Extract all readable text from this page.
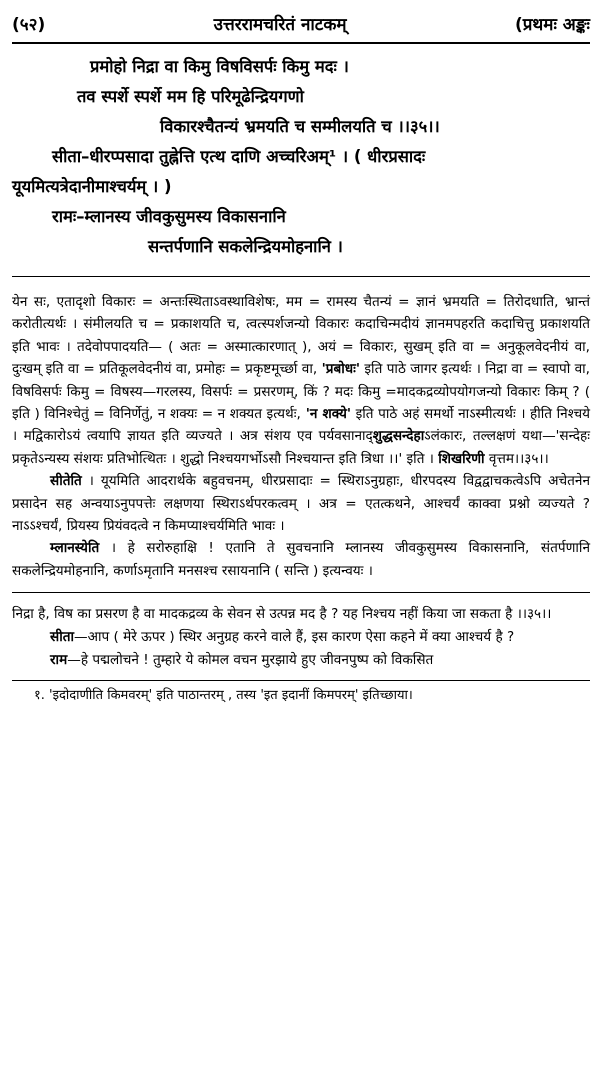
(५२)	उत्तररामचरितं नाटकम्	(प्रथमः अङ्कः
प्रमोहो निद्रा वा किमु विषविसर्पः किमु मदः ।
तव स्पर्शे स्पर्शे मम हि परिमूढेन्द्रियगणो
विकारश्चैतन्यं भ्रमयति च सम्मीलयति च ।।३५।।
सीता–धीरप्पसादा तुह्नेत्ति एत्थ दाणि अच्चरिअम्¹ । ( धीरप्रसादः
यूयमित्यत्रेदानीमाश्चर्यम् । )
रामः–म्लानस्य जीवकुसुमस्य विकासनानि
सन्तर्पणानि सकलेन्द्रियमोहनानि ।

येन सः, एतादृशो विकारः = अन्तःस्थिताऽवस्थाविशेषः, मम = रामस्य चैतन्यं = ज्ञानं भ्रमयति = तिरोदधाति, भ्रान्तं करोतीत्यर्थः । संमीलयति च = प्रकाशयति च, त्वत्स्पर्शजन्यो विकारः कदाचिन्मदीयं ज्ञानमपहरति कदाचित्तु प्रकाशयति इति भावः । तदेवोपपादयति— ( अतः = अस्मात्कारणात् ), अयं = विकारः, सुखम् इति वा = अनुकूलवेदनीयं वा, दुःखम् इति वा = प्रतिकूलवेदनीयं वा, प्रमोहः = प्रकृष्टमूर्च्छा वा, 'प्रबोधः' इति पाठे जागर इत्यर्थः । निद्रा वा = स्वापो वा, विषविसर्पः किमु = विषस्य—गरलस्य, विसर्पः = प्रसरणम्, किं ? मदः किमु =मादकद्रव्योपयोगजन्यो विकारः किम् ? ( इति ) विनिश्चेतुं = विनिर्णेतुं, न शक्यः = न शक्यत इत्यर्थः, 'न शक्ये' इति पाठे अहं समर्थो नाऽस्मीत्यर्थः । हीति निश्चये । मद्विकारोऽयं त्वयापि ज्ञायत इति व्यज्यते । अत्र संशय एव पर्यवसानाद्शुद्धसन्देहाऽलंकारः, तल्लक्षणं यथा—'सन्देहः प्रकृतेऽन्यस्य संशयः प्रतिभोत्थितः । शुद्धो निश्चयगर्भोऽसौ निश्चयान्त इति त्रिधा ।।' इति । शिखरिणी वृत्तम।।३५।।

सीतेति । यूयमिति आदरार्थके बहुवचनम्, धीरप्रसादाः = स्थिराऽनुग्रहाः, धीरपदस्य विद्वद्वाचकत्वेऽपि अचेतनेन प्रसादेन सह अन्वयाऽनुपपत्तेः लक्षणया स्थिराऽर्थपरकत्वम् । अत्र = एतत्कथने, आश्चर्यं काक्वा प्रश्नो व्यज्यते ? नाऽऽश्चर्यं, प्रियस्य प्रियंवदत्वे न किमप्याश्चर्यमिति भावः ।

म्लानस्येति । हे सरोरुहाक्षि ! एतानि ते सुवचनानि म्लानस्य जीवकुसुमस्य विकासनानि, संतर्पणानि सकलेन्द्रियमोहनानि, कर्णाऽमृतानि मनसश्च रसायनानि ( सन्ति ) इत्यन्वयः ।

निद्रा है, विष का प्रसरण है वा मादकद्रव्य के सेवन से उत्पन्न मद है ? यह निश्चय नहीं किया जा सकता है ।।३५।।

सीता—आप ( मेरे ऊपर ) स्थिर अनुग्रह करने वाले हैं, इस कारण ऐसा कहने में क्या आश्चर्य है ?

राम—हे पद्मलोचने ! तुम्हारे ये कोमल वचन मुरझाये हुए जीवनपुष्प को विकसित

१. 'इदोदाणीति किमवरम्' इति पाठान्तरम् , तस्य 'इत इदानीं किमपरम्' इतिच्छाया।
